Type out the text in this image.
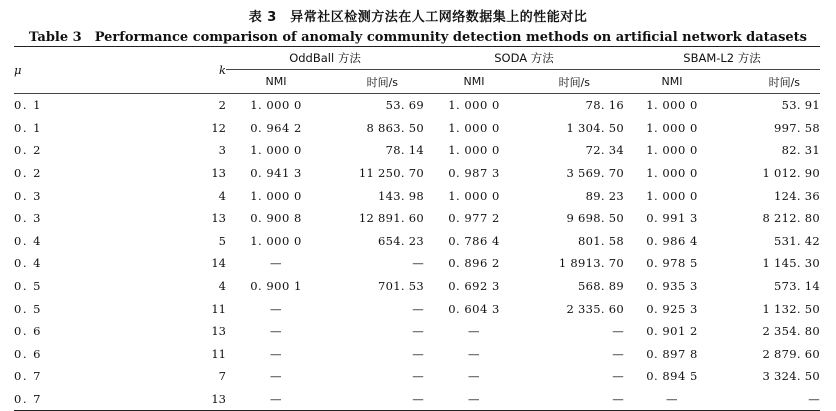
表 3　异常社区检测方法在人工网络数据集上的性能对比
Table 3　Performance comparison of anomaly community detection methods on artificial network datasets
μ	k	OddBall 方法		SODA 方法		SBAM-L2 方法	
		NMI	时间/s	NMI	时间/s	NMI	时间/s
0. 1	2	1. 000 0	53. 69	1. 000 0	78. 16	1. 000 0	53. 91
0. 1	12	0. 964 2	8 863. 50	1. 000 0	1 304. 50	1. 000 0	997. 58
0. 2	3	1. 000 0	78. 14	1. 000 0	72. 34	1. 000 0	82. 31
0. 2	13	0. 941 3	11 250. 70	0. 987 3	3 569. 70	1. 000 0	1 012. 90
0. 3	4	1. 000 0	143. 98	1. 000 0	89. 23	1. 000 0	124. 36
0. 3	13	0. 900 8	12 891. 60	0. 977 2	9 698. 50	0. 991 3	8 212. 80
0. 4	5	1. 000 0	654. 23	0. 786 4	801. 58	0. 986 4	531. 42
0. 4	14	—	—	0. 896 2	1 8913. 70	0. 978 5	1 145. 30
0. 5	4	0. 900 1	701. 53	0. 692 3	568. 89	0. 935 3	573. 14
0. 5	11	—	—	0. 604 3	2 335. 60	0. 925 3	1 132. 50
0. 6	13	—	—	—	—	0. 901 2	2 354. 80
0. 6	11	—	—	—	—	0. 897 8	2 879. 60
0. 7	7	—	—	—	—	0. 894 5	3 324. 50
0. 7	13	—	—	—	—	—	—
